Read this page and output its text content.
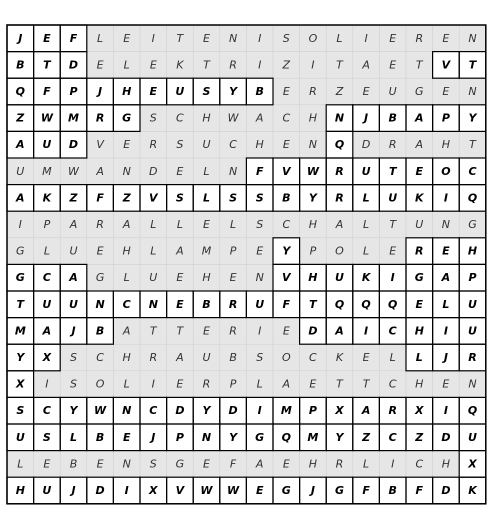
J E F L E I T E N I S O L I E R E N
B T D E L E K T R I Z I T A E T V T
Q F P J H E U S Y B E R Z E U G E N
Z W M R G S C H W A C H N J B A P Y
A U D V E R S U C H E N Q D R A H T
U M W A N D E L N F V W R U T E O C
A K Z F Z V S L S S B Y R L U K I Q
I P A R A L L E L S C H A L T U N G
G L U E H L A M P E Y P O L E R E H
G C A G L U E H E N V H U K I G A P
T U U N C N E B R U F T Q Q Q E L U
M A J B A T T E R I E D A I C H I U
Y X S C H R A U B S O C K E L L J R
X I S O L I E R P L A E T T C H E N
S C Y W N C D Y D I M P X A R X I Q
U S L B E J P N Y G Q M Y Z C Z D U
L E B E N S G E F A E H R L I C H X
H U J D I X V W W E G J G F B F D K
